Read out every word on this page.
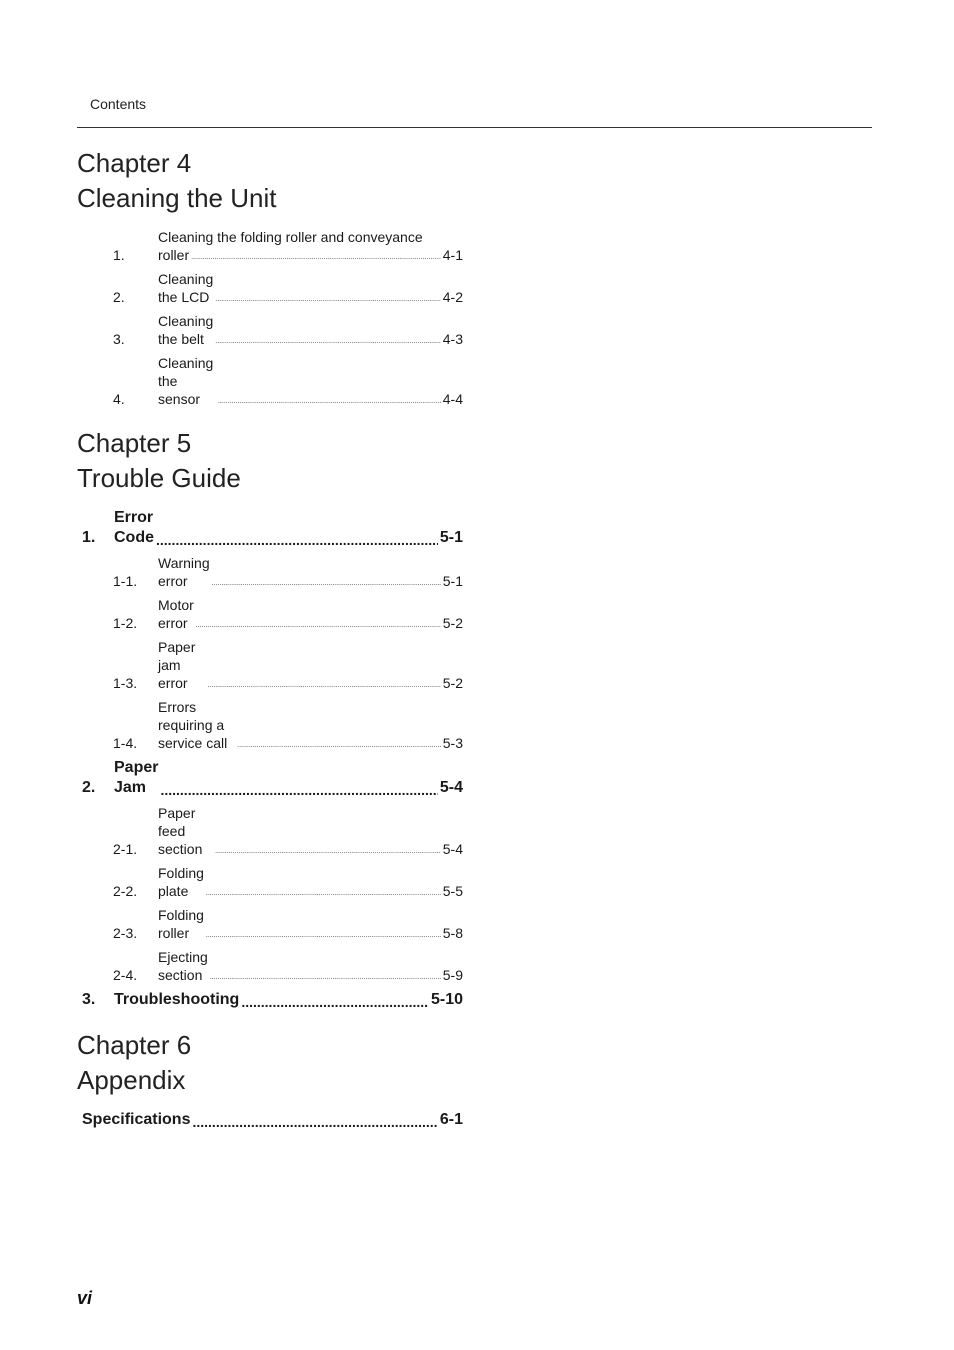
Contents
Chapter 4
Cleaning the Unit
1.
Cleaning the folding roller and conveyance
roller .....	4-1
2.
Cleaning the LCD .....	4-2
3.
Cleaning the belt .....	4-3
4.
Cleaning the sensor .....	4-4
Chapter 5
Trouble Guide
1.
Error Code .....	5-1
1-1.
Warning error .....	5-1
1-2.
Motor error .....	5-2
1-3.
Paper jam error .....	5-2
1-4.
Errors requiring a service call .....	5-3
2.
Paper Jam .....	5-4
2-1.
Paper feed section .....	5-4
2-2.
Folding plate .....	5-5
2-3.
Folding roller .....	5-8
2-4.
Ejecting section .....	5-9
3.	Troubleshooting .....	5-10
Chapter 6
Appendix
Specifications .....	6-1
vi
